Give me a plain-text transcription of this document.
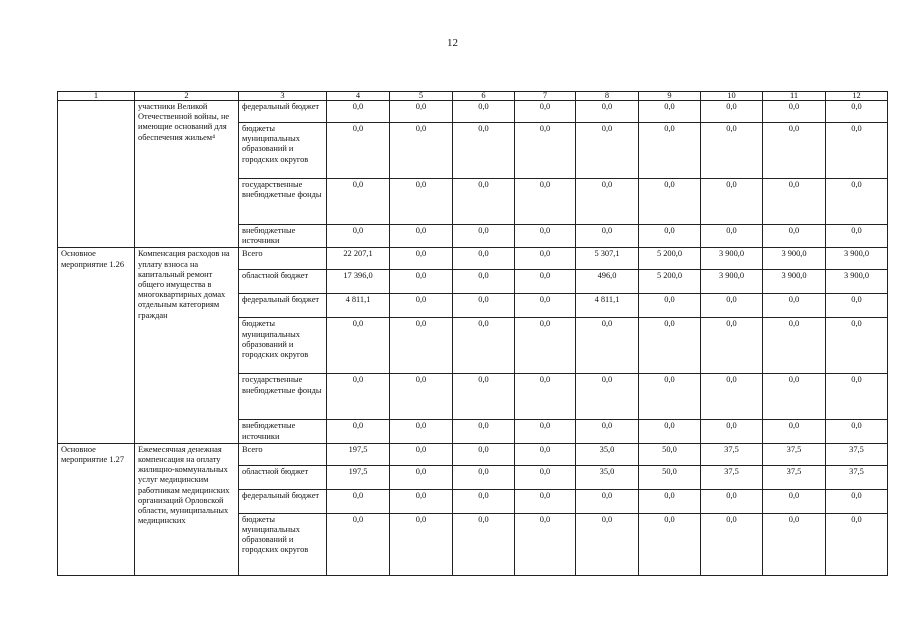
12
1	2	3	4	5	6	7	8	9	10	11	12
	участники Великой Отечественной войны, не имеющие оснований для обеспечения жильем⁴	федеральный бюджет	0,0	0,0	0,0	0,0	0,0	0,0	0,0	0,0	0,0
		бюджеты муниципальных образований и городских округов	0,0	0,0	0,0	0,0	0,0	0,0	0,0	0,0	0,0
		государственные внебюджетные фонды	0,0	0,0	0,0	0,0	0,0	0,0	0,0	0,0	0,0
		внебюджетные источники	0,0	0,0	0,0	0,0	0,0	0,0	0,0	0,0	0,0
Основное мероприятие 1.26	Компенсация расходов на уплату взноса на капитальный ремонт общего имущества в многоквартирных домах отдельным категориям граждан	Всего	22 207,1	0,0	0,0	0,0	5 307,1	5 200,0	3 900,0	3 900,0	3 900,0
		областной бюджет	17 396,0	0,0	0,0	0,0	496,0	5 200,0	3 900,0	3 900,0	3 900,0
		федеральный бюджет	4 811,1	0,0	0,0	0,0	4 811,1	0,0	0,0	0,0	0,0
		бюджеты муниципальных образований и городских округов	0,0	0,0	0,0	0,0	0,0	0,0	0,0	0,0	0,0
		государственные внебюджетные фонды	0,0	0,0	0,0	0,0	0,0	0,0	0,0	0,0	0,0
		внебюджетные источники	0,0	0,0	0,0	0,0	0,0	0,0	0,0	0,0	0,0
Основное мероприятие 1.27	Ежемесячная денежная компенсация на оплату жилищно-коммунальных услуг медицинским работникам медицинских организаций Орловской области, муниципальных медицинских	Всего	197,5	0,0	0,0	0,0	35,0	50,0	37,5	37,5	37,5
		областной бюджет	197,5	0,0	0,0	0,0	35,0	50,0	37,5	37,5	37,5
		федеральный бюджет	0,0	0,0	0,0	0,0	0,0	0,0	0,0	0,0	0,0
		бюджеты муниципальных образований и городских округов	0,0	0,0	0,0	0,0	0,0	0,0	0,0	0,0	0,0
